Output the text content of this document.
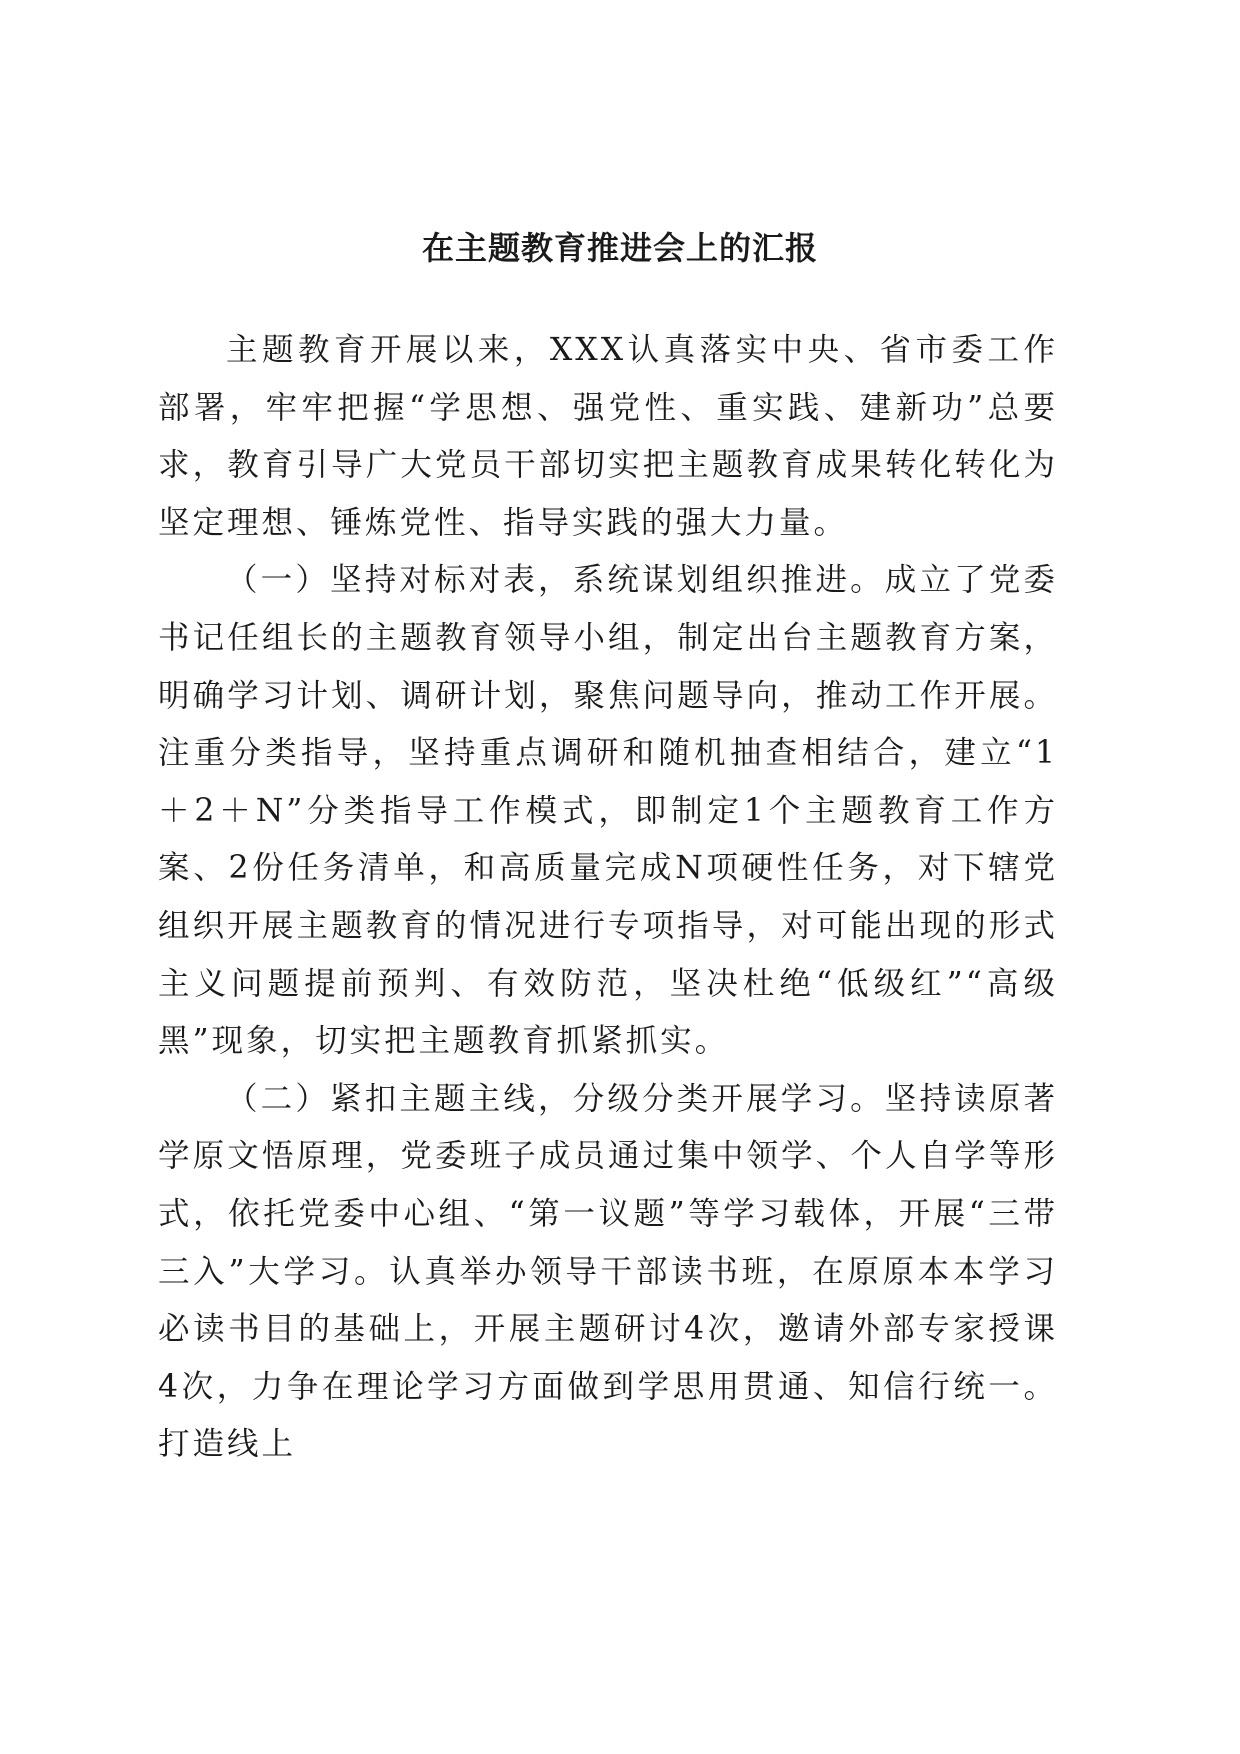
在主题教育推进会上的汇报

主题教育开展以来，XXX认真落实中央、省市委工作部署，牢牢把握“学思想、强党性、重实践、建新功”总要求，教育引导广大党员干部切实把主题教育成果转化转化为坚定理想、锤炼党性、指导实践的强大力量。

（一）坚持对标对表，系统谋划组织推进。成立了党委书记任组长的主题教育领导小组，制定出台主题教育方案，明确学习计划、调研计划，聚焦问题导向，推动工作开展。注重分类指导，坚持重点调研和随机抽查相结合，建立“1＋2＋N”分类指导工作模式，即制定1个主题教育工作方案、2份任务清单，和高质量完成N项硬性任务，对下辖党组织开展主题教育的情况进行专项指导，对可能出现的形式主义问题提前预判、有效防范，坚决杜绝“低级红”“高级黑”现象，切实把主题教育抓紧抓实。

（二）紧扣主题主线，分级分类开展学习。坚持读原著学原文悟原理，党委班子成员通过集中领学、个人自学等形式，依托党委中心组、“第一议题”等学习载体，开展“三带三入”大学习。认真举办领导干部读书班，在原原本本学习必读书目的基础上，开展主题研讨4次，邀请外部专家授课4次，力争在理论学习方面做到学思用贯通、知信行统一。打造线上
